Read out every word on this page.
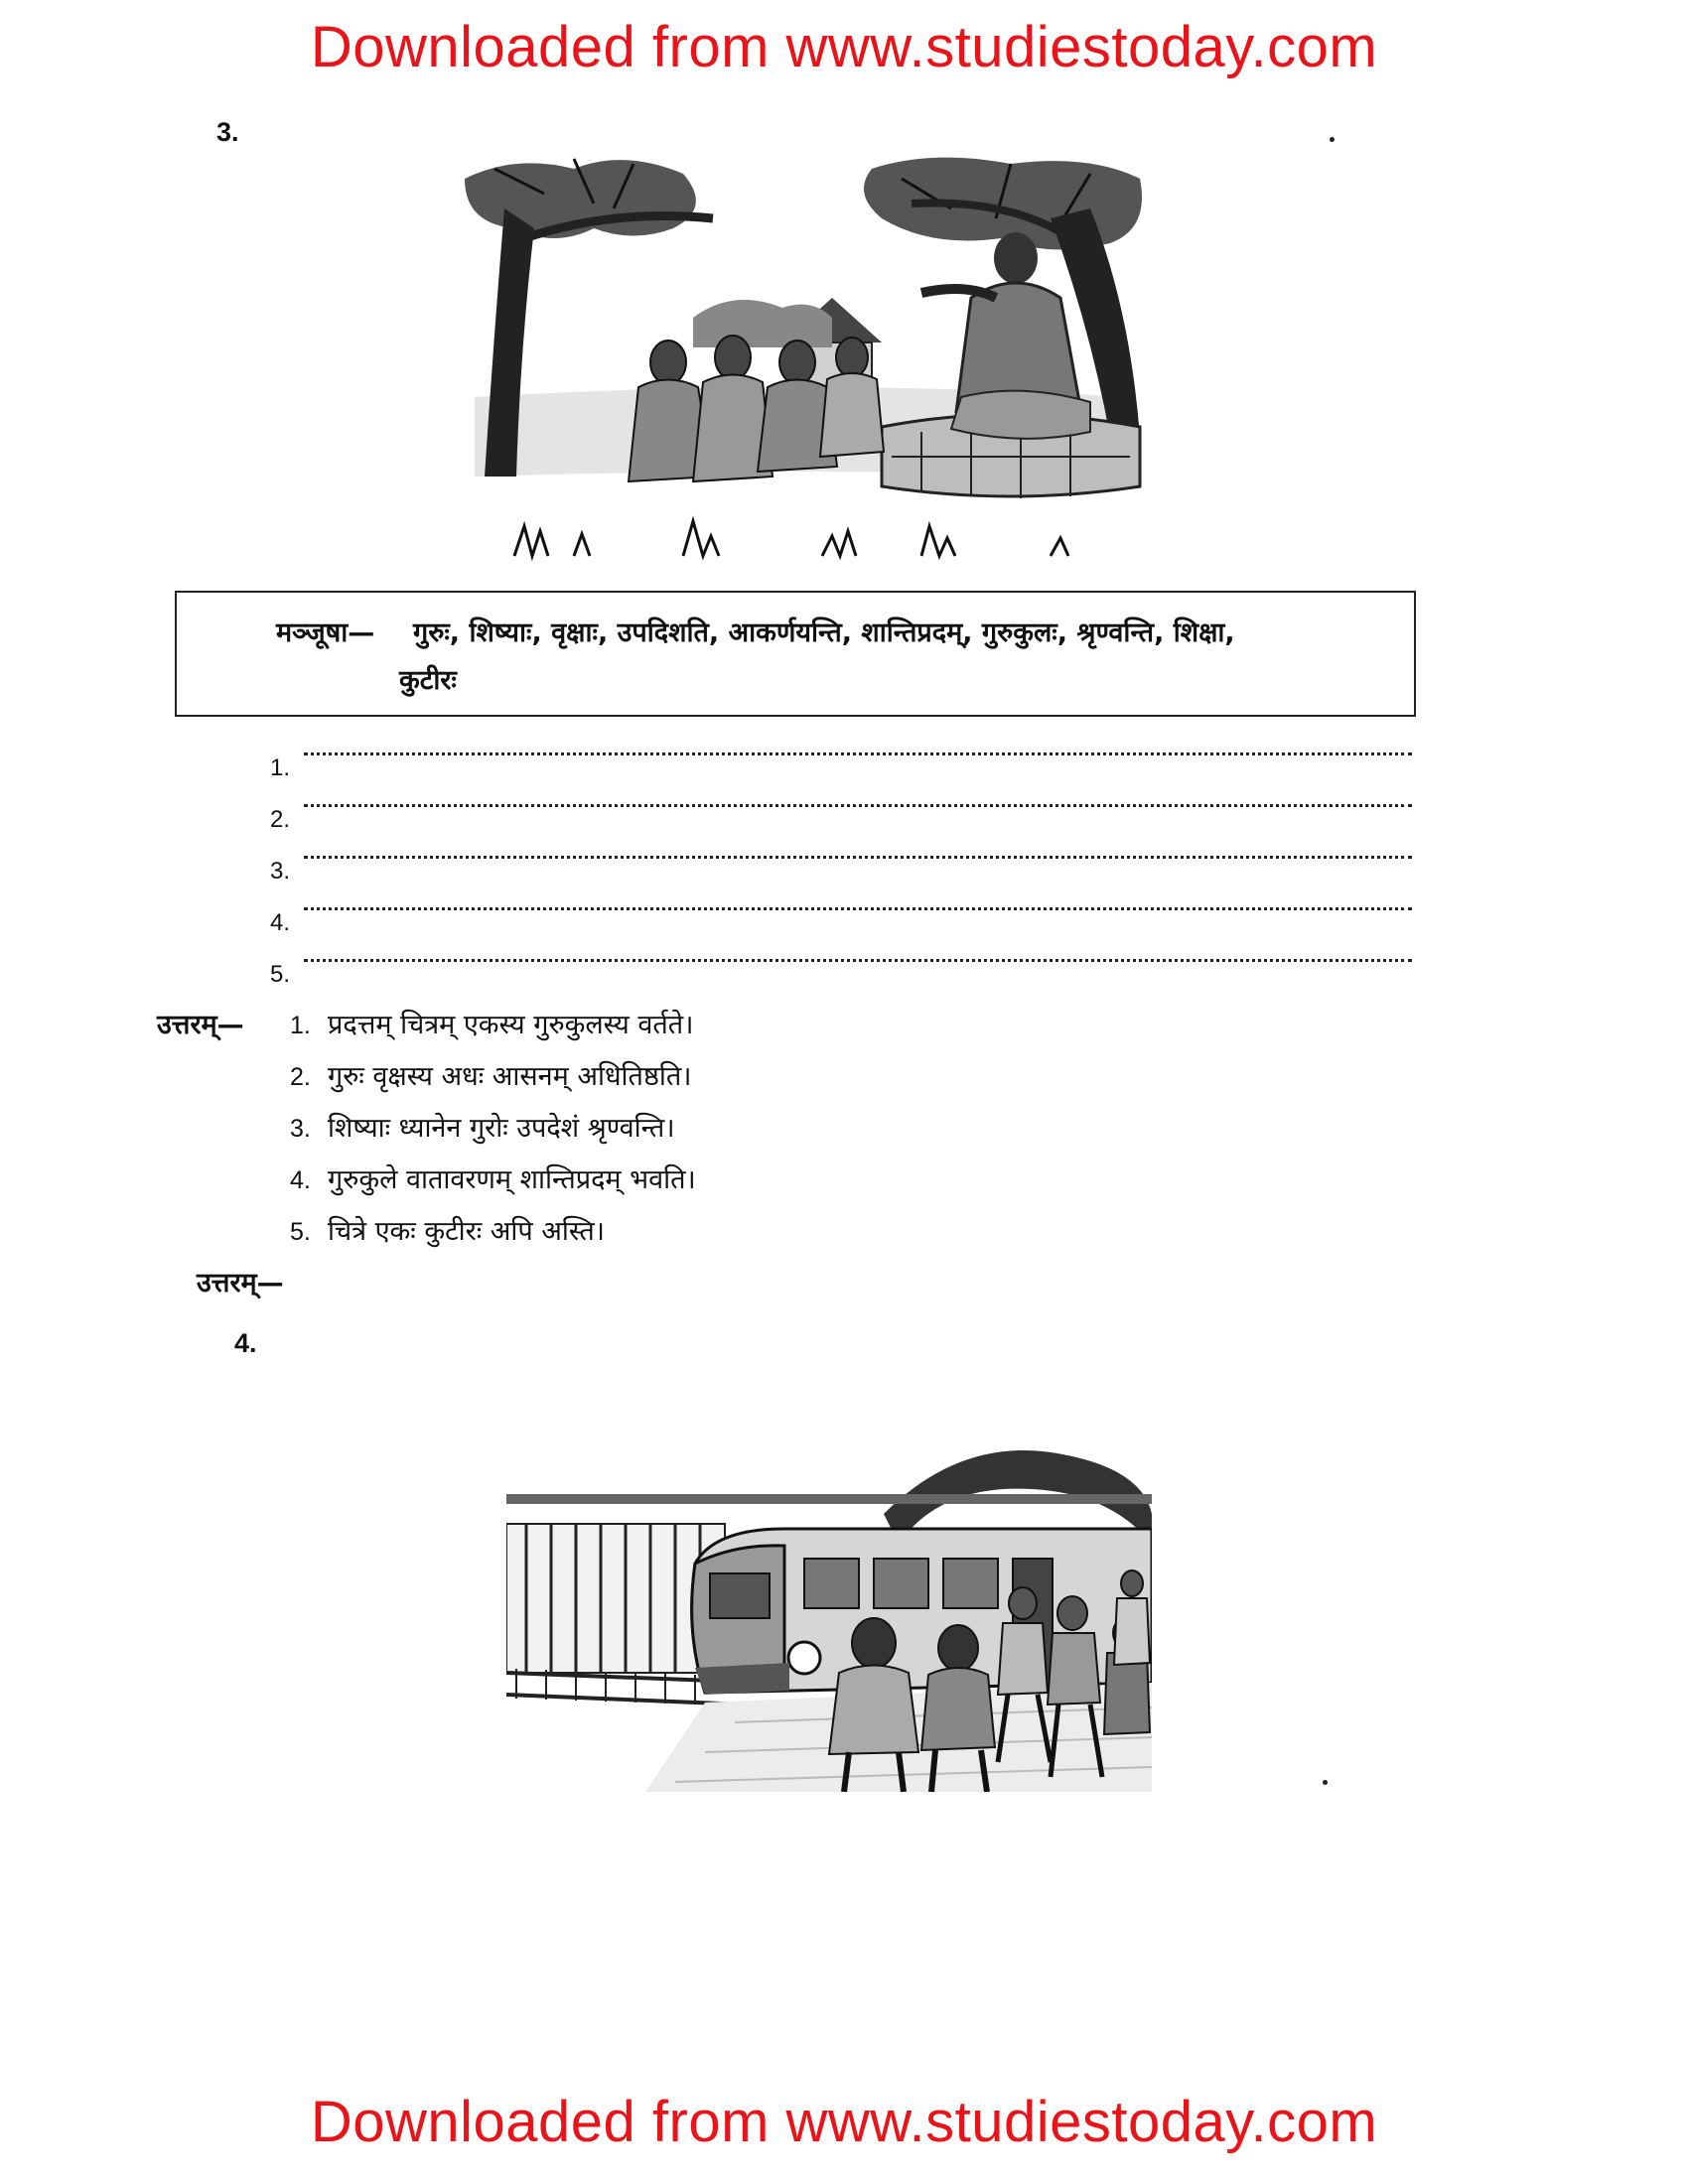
Downloaded from www.studiestoday.com
3.
मञ्जूषा— गुरुः, शिष्याः, वृक्षाः, उपदिशति, आकर्णयन्ति, शान्तिप्रदम्, गुरुकुलः, श्रृण्वन्ति, शिक्षा,
कुटीरः
1.
2.
3.
4.
5.
उत्तरम्— 1. प्रदत्तम् चित्रम् एकस्य गुरुकुलस्य वर्तते।
2. गुरुः वृक्षस्य अधः आसनम् अधितिष्ठति।
3. शिष्याः ध्यानेन गुरोः उपदेशं श्रृण्वन्ति।
4. गुरुकुले वातावरणम् शान्तिप्रदम् भवति।
5. चित्रे एकः कुटीरः अपि अस्ति।
उत्तरम्—
4.
Downloaded from www.studiestoday.com
